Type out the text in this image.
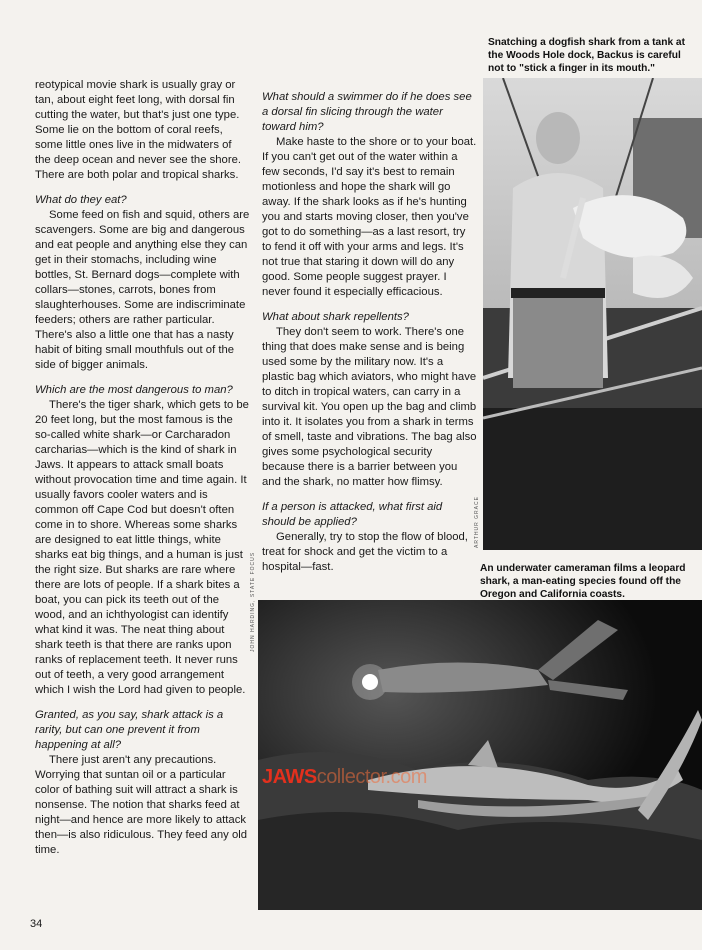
reotypical movie shark is usually gray or tan, about eight feet long, with dorsal fin cutting the water, but that's just one type. Some lie on the bottom of coral reefs, some little ones live in the midwaters of the deep ocean and never see the shore. There are both polar and tropical sharks.

What do they eat?

Some feed on fish and squid, others are scavengers. Some are big and dangerous and eat people and anything else they can get in their stomachs, including wine bottles, St. Bernard dogs—complete with collars—stones, carrots, bones from slaughterhouses. Some are indiscriminate feeders; others are rather particular. There's also a little one that has a nasty habit of biting small mouthfuls out of the side of bigger animals.

Which are the most dangerous to man?

There's the tiger shark, which gets to be 20 feet long, but the most famous is the so-called white shark—or Carcharadon carcharias—which is the kind of shark in Jaws. It appears to attack small boats without provocation time and time again. It usually favors cooler waters and is common off Cape Cod but doesn't often come in to shore. Whereas some sharks are designed to eat little things, white sharks eat big things, and a human is just the right size. But sharks are rare where there are lots of people. If a shark bites a boat, you can pick its teeth out of the wood, and an ichthyologist can identify what kind it was. The neat thing about shark teeth is that there are ranks upon ranks of replacement teeth. It never runs out of teeth, a very good arrangement which I wish the Lord had given to people.

Granted, as you say, shark attack is a rarity, but can one prevent it from happening at all?

There just aren't any precautions. Worrying that suntan oil or a particular color of bathing suit will attract a shark is nonsense. The notion that sharks feed at night—and hence are more likely to attack then—is also ridiculous. They feed any old time.

What should a swimmer do if he does see a dorsal fin slicing through the water toward him?

Make haste to the shore or to your boat. If you can't get out of the water within a few seconds, I'd say it's best to remain motionless and hope the shark will go away. If the shark looks as if he's hunting you and starts moving closer, then you've got to do something—as a last resort, try to fend it off with your arms and legs. It's not true that staring it down will do any good. Some people suggest prayer. I never found it especially efficacious.

What about shark repellents?

They don't seem to work. There's one thing that does make sense and is being used some by the military now. It's a plastic bag which aviators, who might have to ditch in tropical waters, can carry in a survival kit. You open up the bag and climb into it. It isolates you from a shark in terms of smell, taste and vibrations. The bag also gives some psychological security because there is a barrier between you and the shark, no matter how flimsy.

If a person is attacked, what first aid should be applied?

Generally, try to stop the flow of blood, treat for shock and get the victim to a hospital—fast.

Snatching a dogfish shark from a tank at the Woods Hole dock, Backus is careful not to "stick a finger in its mouth."
ARTHUR GRACE
An underwater cameraman films a leopard shark, a man-eating species found off the Oregon and California coasts.
JOHN HARDING, STATE FOCUS
JAWScollector.com
34
